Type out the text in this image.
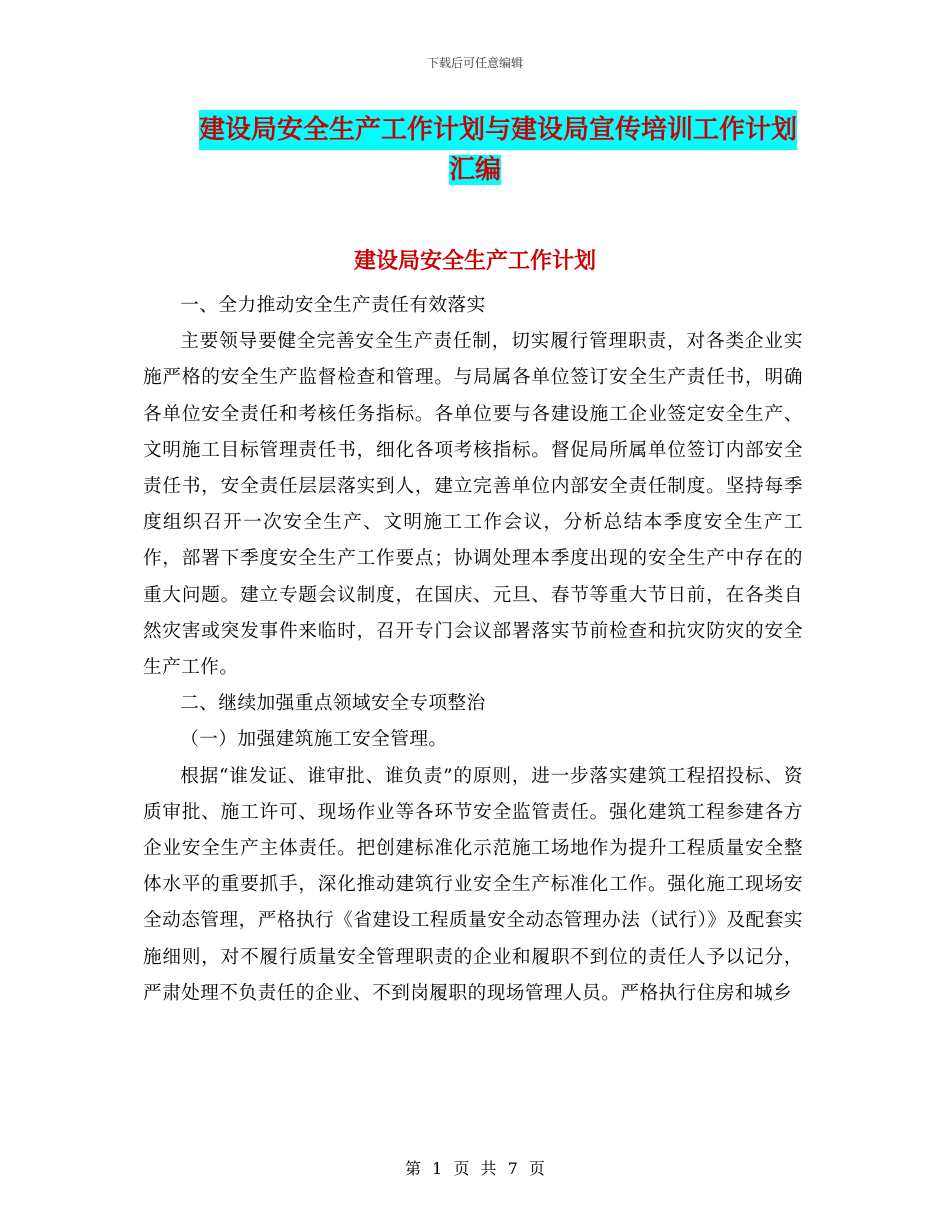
下载后可任意编辑
建设局安全生产工作计划与建设局宣传培训工作计划
汇编
建设局安全生产工作计划

一、全力推动安全生产责任有效落实

主要领导要健全完善安全生产责任制，切实履行管理职责，对各类企业实施严格的安全生产监督检查和管理。与局属各单位签订安全生产责任书，明确各单位安全责任和考核任务指标。各单位要与各建设施工企业签定安全生产、文明施工目标管理责任书，细化各项考核指标。督促局所属单位签订内部安全责任书，安全责任层层落实到人，建立完善单位内部安全责任制度。坚持每季度组织召开一次安全生产、文明施工工作会议，分析总结本季度安全生产工作，部署下季度安全生产工作要点；协调处理本季度出现的安全生产中存在的重大问题。建立专题会议制度，在国庆、元旦、春节等重大节日前，在各类自然灾害或突发事件来临时，召开专门会议部署落实节前检查和抗灾防灾的安全生产工作。

二、继续加强重点领域安全专项整治

（一）加强建筑施工安全管理。

根据“谁发证、谁审批、谁负责”的原则，进一步落实建筑工程招投标、资质审批、施工许可、现场作业等各环节安全监管责任。强化建筑工程参建各方企业安全生产主体责任。把创建标准化示范施工场地作为提升工程质量安全整体水平的重要抓手，深化推动建筑行业安全生产标准化工作。强化施工现场安全动态管理，严格执行《省建设工程质量安全动态管理办法（试行）》及配套实施细则，对不履行质量安全管理职责的企业和履职不到位的责任人予以记分，严肃处理不负责任的企业、不到岗履职的现场管理人员。严格执行住房和城乡

第 1 页 共 7 页
